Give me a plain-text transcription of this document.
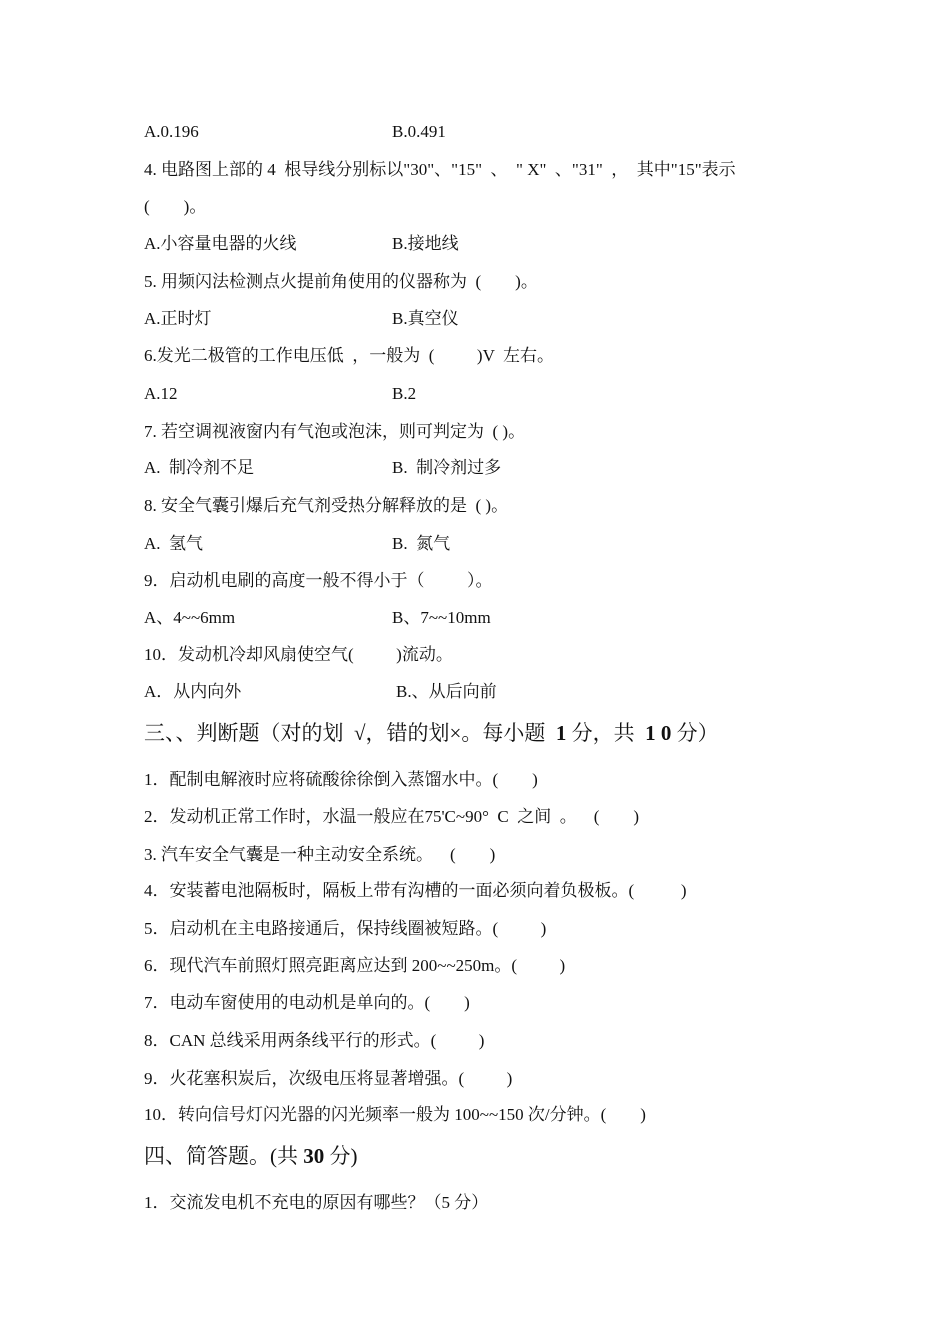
A.0.196	B.0.491
4. 电路图上部的 4  根导线分别标以"30"、"15"  、  " X"  、"31"  ，  其中"15"表示
(        )。
A.小容量电器的火线	B.接地线
5. 用频闪法检测点火提前角使用的仪器称为  (        )。
A.正时灯	B.真空仪
6.发光二极管的工作电压低  ，一般为  (          )V  左右。
A.12	B.2
7. 若空调视液窗内有气泡或泡沫，则可判定为  ( )。
A.  制冷剂不足	B.  制冷剂过多
8. 安全气囊引爆后充气剂受热分解释放的是  ( )。
A.  氢气	B.  氮气
9．启动机电刷的高度一般不得小于（          ）。
A、4~~6mm	B、7~~10mm
10．发动机冷却风扇使空气(          )流动。
A．从内向外	B.、从后向前
三、、判断题（对的划  √，错的划×。每小题  1 分，共  1 0 分）
1．配制电解液时应将硫酸徐徐倒入蒸馏水中。(        )
2．发动机正常工作时，水温一般应在75'C~90°  C  之间  。    (        )
3. 汽车安全气囊是一种主动安全系统。    (        )
4．安装蓄电池隔板时，隔板上带有沟槽的一面必须向着负极板。(           )
5．启动机在主电路接通后，保持线圈被短路。(          )
6．现代汽车前照灯照亮距离应达到 200~~250m。(          )
7．电动车窗使用的电动机是单向的。(        )
8．CAN 总线采用两条线平行的形式。(          )
9．火花塞积炭后，次级电压将显著增强。(          )
10．转向信号灯闪光器的闪光频率一般为 100~~150 次/分钟。(        )
四、简答题。(共 30 分)
1．交流发电机不充电的原因有哪些？（5 分）
